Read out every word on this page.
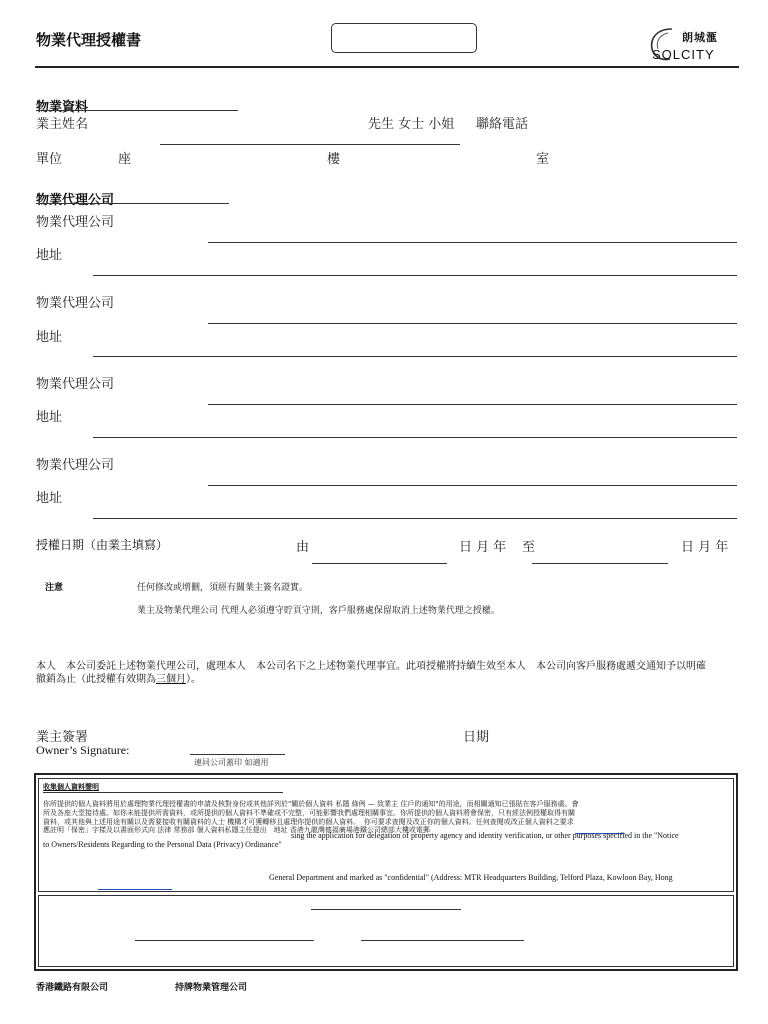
物業代理授權書	朗城滙
SOLCITY
物業資料
業主姓名	先生 女士 小姐 聯絡電話
單位	座	樓	室
物業代理公司
物業代理公司
地址
物業代理公司
地址
物業代理公司
地址
物業代理公司
地址
授權日期（由業主填寫）	由	日 月 年 至	日 月 年
注意	任何修改或增刪，須經有關業主簽名證實。
業主及物業代理公司 代理人必須遵守貯頁守則，客戶服務處保留取消上述物業代理之授權。
本人　本公司委託上述物業代理公司，處理本人　本公司名下之上述物業代理事宜。此項授權將持續生效至本人　本公司向客戶服務處遞交通知予以明確
撤銷為止（此授權有效期為三個月）。
業主簽署
Owner’s Signature:
日期
連同公司蓋印 如適用
收集個人資料聲明
你所提供的個人資料將用於處理物業代理授權書的申請及核對身份或其他詳列於"關於個人資料 私隱 條例 — 致業主 住戶的通知"的用途，而相關通知已張貼在客戶服務處。會
所及各座大堂接待處。如你未能提供所需資料，或所提供的個人資料不準確或不完整，可能影響我們處理相關事宜。你所提供的個人資料將會保密，只有經法例授權取得有關
資料，或其他與上述用途有關以及需要接收有關資料的人士 機構才可獲轉移且處理你提供的個人資料。　你可要求查閱及改正你的個人資料。任何查閱或改正個人資料之要求
應註明「保密」字樣及以書面形式向 法律 常務部 個人資料私隱主任提出　地址 香港九龍灣德福廣場港鐵公司總部大樓或電郵
sing the application for delegation of property agency and identity verification, or other purposes specified in the "Notice
to Owners/Residents Regarding to the Personal Data (Privacy) Ordinance"
General Department and marked as "confidential" (Address: MTR Headquarters Building, Telford Plaza, Kowloon Bay, Hong
香港鐵路有限公司	持牌物業管理公司
